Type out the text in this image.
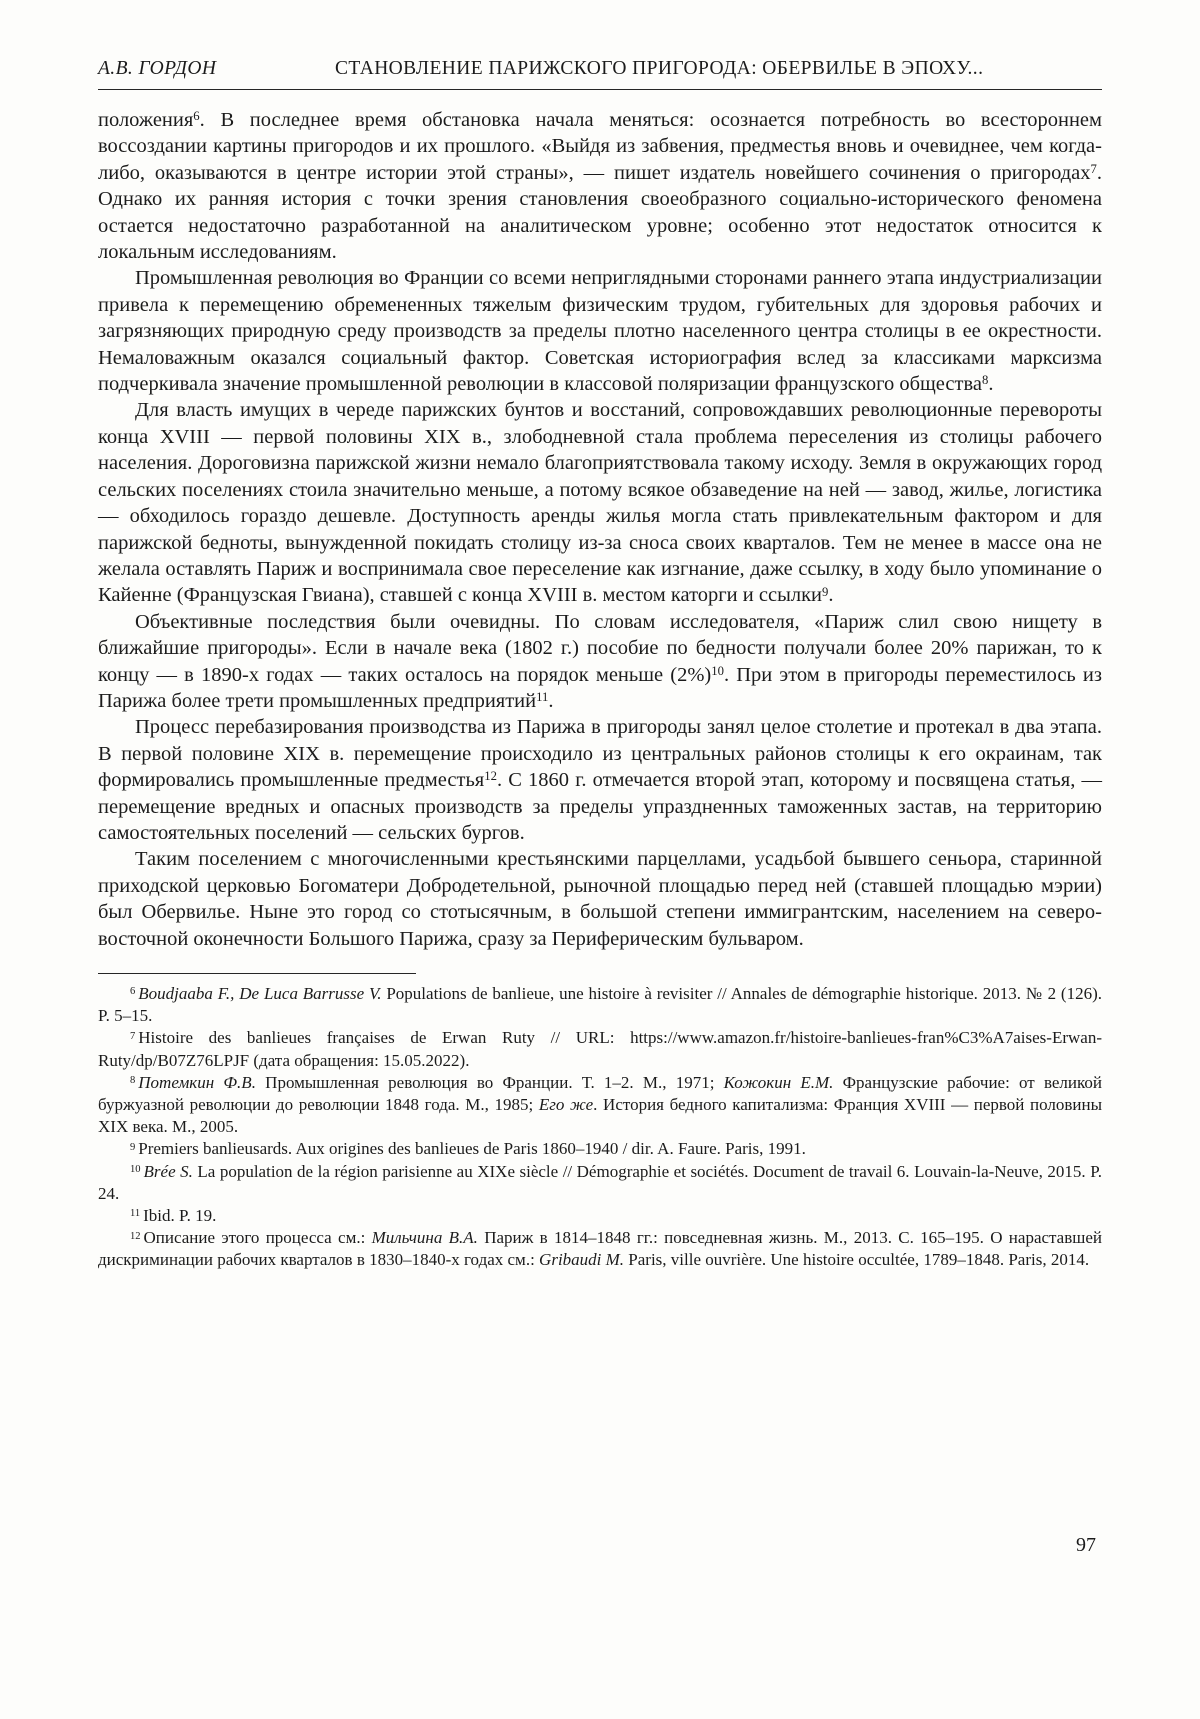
А.В. ГОРДОН	СТАНОВЛЕНИЕ ПАРИЖСКОГО ПРИГОРОДА: ОБЕРВИЛЬЕ В ЭПОХУ...

положения$^6$. В последнее время обстановка начала меняться: осознается потребность во всестороннем воссоздании картины пригородов и их прошлого. «Выйдя из забвения, предместья вновь и очевиднее, чем когда-либо, оказываются в центре истории этой страны», — пишет издатель новейшего сочинения о пригородах$^7$. Однако их ранняя история с точки зрения становления своеобразного социально-исторического феномена остается недостаточно разработанной на аналитическом уровне; особенно этот недостаток относится к локальным исследованиям.

Промышленная революция во Франции со всеми неприглядными сторонами раннего этапа индустриализации привела к перемещению обремененных тяжелым физическим трудом, губительных для здоровья рабочих и загрязняющих природную среду производств за пределы плотно населенного центра столицы в ее окрестности. Немаловажным оказался социальный фактор. Советская историография вслед за классиками марксизма подчеркивала значение промышленной революции в классовой поляризации французского общества$^8$.

Для власть имущих в череде парижских бунтов и восстаний, сопровождавших революционные перевороты конца XVIII — первой половины XIX в., злободневной стала проблема переселения из столицы рабочего населения. Дороговизна парижской жизни немало благоприятствовала такому исходу. Земля в окружающих город сельских поселениях стоила значительно меньше, а потому всякое обзаведение на ней — завод, жилье, логистика — обходилось гораздо дешевле. Доступность аренды жилья могла стать привлекательным фактором и для парижской бедноты, вынужденной покидать столицу из-за сноса своих кварталов. Тем не менее в массе она не желала оставлять Париж и воспринимала свое переселение как изгнание, даже ссылку, в ходу было упоминание о Кайенне (Французская Гвиана), ставшей с конца XVIII в. местом каторги и ссылки$^9$.

Объективные последствия были очевидны. По словам исследователя, «Париж слил свою нищету в ближайшие пригороды». Если в начале века (1802 г.) пособие по бедности получали более 20% парижан, то к концу — в 1890-х годах — таких осталось на порядок меньше $(2\%)^{10}$. При этом в пригороды переместилось из Парижа более трети промышленных предприятий$^{11}$.

Процесс перебазирования производства из Парижа в пригороды занял целое столетие и протекал в два этапа. В первой половине XIX в. перемещение происходило из центральных районов столицы к его окраинам, так формировались промышленные предместья$^{12}$. С 1860 г. отмечается второй этап, которому и посвящена статья, — перемещение вредных и опасных производств за пределы упраздненных таможенных застав, на территорию самостоятельных поселений — сельских бургов.

Таким поселением с многочисленными крестьянскими парцеллами, усадьбой бывшего сеньора, старинной приходской церковью Богоматери Добродетельной, рыночной площадью перед ней (ставшей площадью мэрии) был Обервилье. Ныне это город со стотысячным, в большой степени иммигрантским, населением на северо-восточной оконечности Большого Парижа, сразу за Периферическим бульваром.

$^6$ Boudjaaba F., De Luca Barrusse V. Populations de banlieue, une histoire à revisiter // Annales de démographie historique. 2013. № 2 (126). P. 5–15.

$^7$ Histoire des banlieues françaises de Erwan Ruty // URL: https://www.amazon.fr/histoire-banlieues-fran%C3%A7aises-Erwan-Ruty/dp/B07Z76LPJF (дата обращения: 15.05.2022).

$^8$ Потемкин Ф.В. Промышленная революция во Франции. Т. 1–2. М., 1971; Кожокин Е.М. Французские рабочие: от великой буржуазной революции до революции 1848 года. М., 1985; Его же. История бедного капитализма: Франция XVIII — первой половины XIX века. М., 2005.

$^9$ Premiers banlieusards. Aux origines des banlieues de Paris 1860–1940 / dir. A. Faure. Paris, 1991.

$^{10}$ Brée S. La population de la région parisienne au XIXe siècle // Démographie et sociétés. Document de travail 6. Louvain-la-Neuve, 2015. P. 24.

$^{11}$ Ibid. P. 19.

$^{12}$ Описание этого процесса см.: Мильчина В.А. Париж в 1814–1848 гг.: повседневная жизнь. М., 2013. С. 165–195. О нараставшей дискриминации рабочих кварталов в 1830–1840-х годах см.: Gribaudi M. Paris, ville ouvrière. Une histoire occultée, 1789–1848. Paris, 2014.

97
